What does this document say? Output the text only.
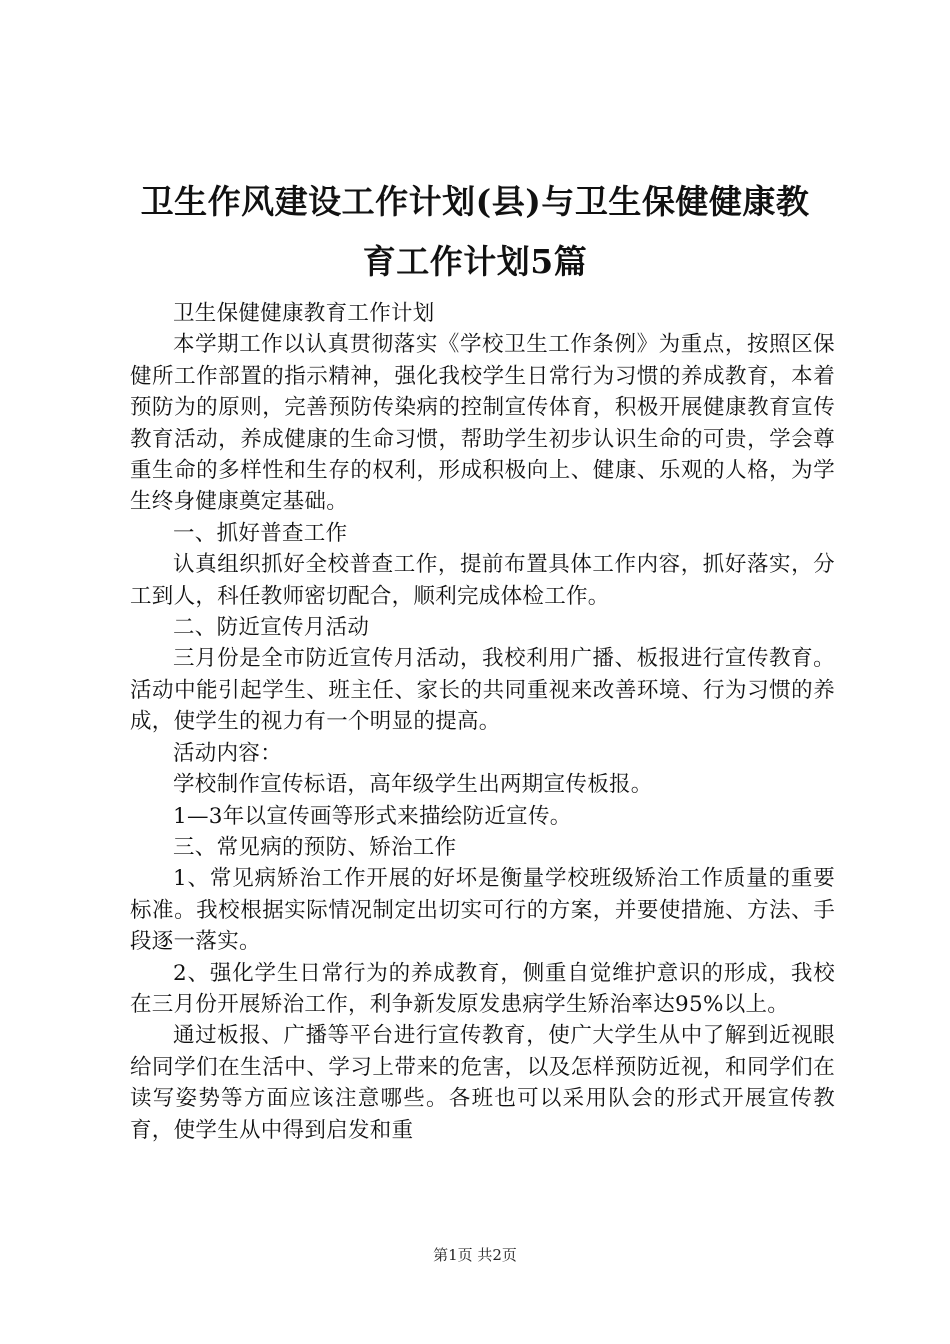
卫生作风建设工作计划(县)与卫生保健健康教
育工作计划5篇

卫生保健健康教育工作计划

本学期工作以认真贯彻落实《学校卫生工作条例》为重点，按照区保健所工作部置的指示精神，强化我校学生日常行为习惯的养成教育，本着预防为的原则，完善预防传染病的控制宣传体育，积极开展健康教育宣传教育活动，养成健康的生命习惯，帮助学生初步认识生命的可贵，学会尊重生命的多样性和生存的权利，形成积极向上、健康、乐观的人格，为学生终身健康奠定基础。

一、抓好普查工作

认真组织抓好全校普查工作，提前布置具体工作内容，抓好落实，分工到人，科任教师密切配合，顺利完成体检工作。

二、防近宣传月活动

三月份是全市防近宣传月活动，我校利用广播、板报进行宣传教育。活动中能引起学生、班主任、家长的共同重视来改善环境、行为习惯的养成，使学生的视力有一个明显的提高。

活动内容：

学校制作宣传标语，高年级学生出两期宣传板报。

1—3年以宣传画等形式来描绘防近宣传。

三、常见病的预防、矫治工作

1、常见病矫治工作开展的好坏是衡量学校班级矫治工作质量的重要标准。我校根据实际情况制定出切实可行的方案，并要使措施、方法、手段逐一落实。

2、强化学生日常行为的养成教育，侧重自觉维护意识的形成，我校在三月份开展矫治工作，利争新发原发患病学生矫治率达95%以上。

通过板报、广播等平台进行宣传教育，使广大学生从中了解到近视眼给同学们在生活中、学习上带来的危害，以及怎样预防近视，和同学们在读写姿势等方面应该注意哪些。各班也可以采用队会的形式开展宣传教育，使学生从中得到启发和重

第1页 共2页
